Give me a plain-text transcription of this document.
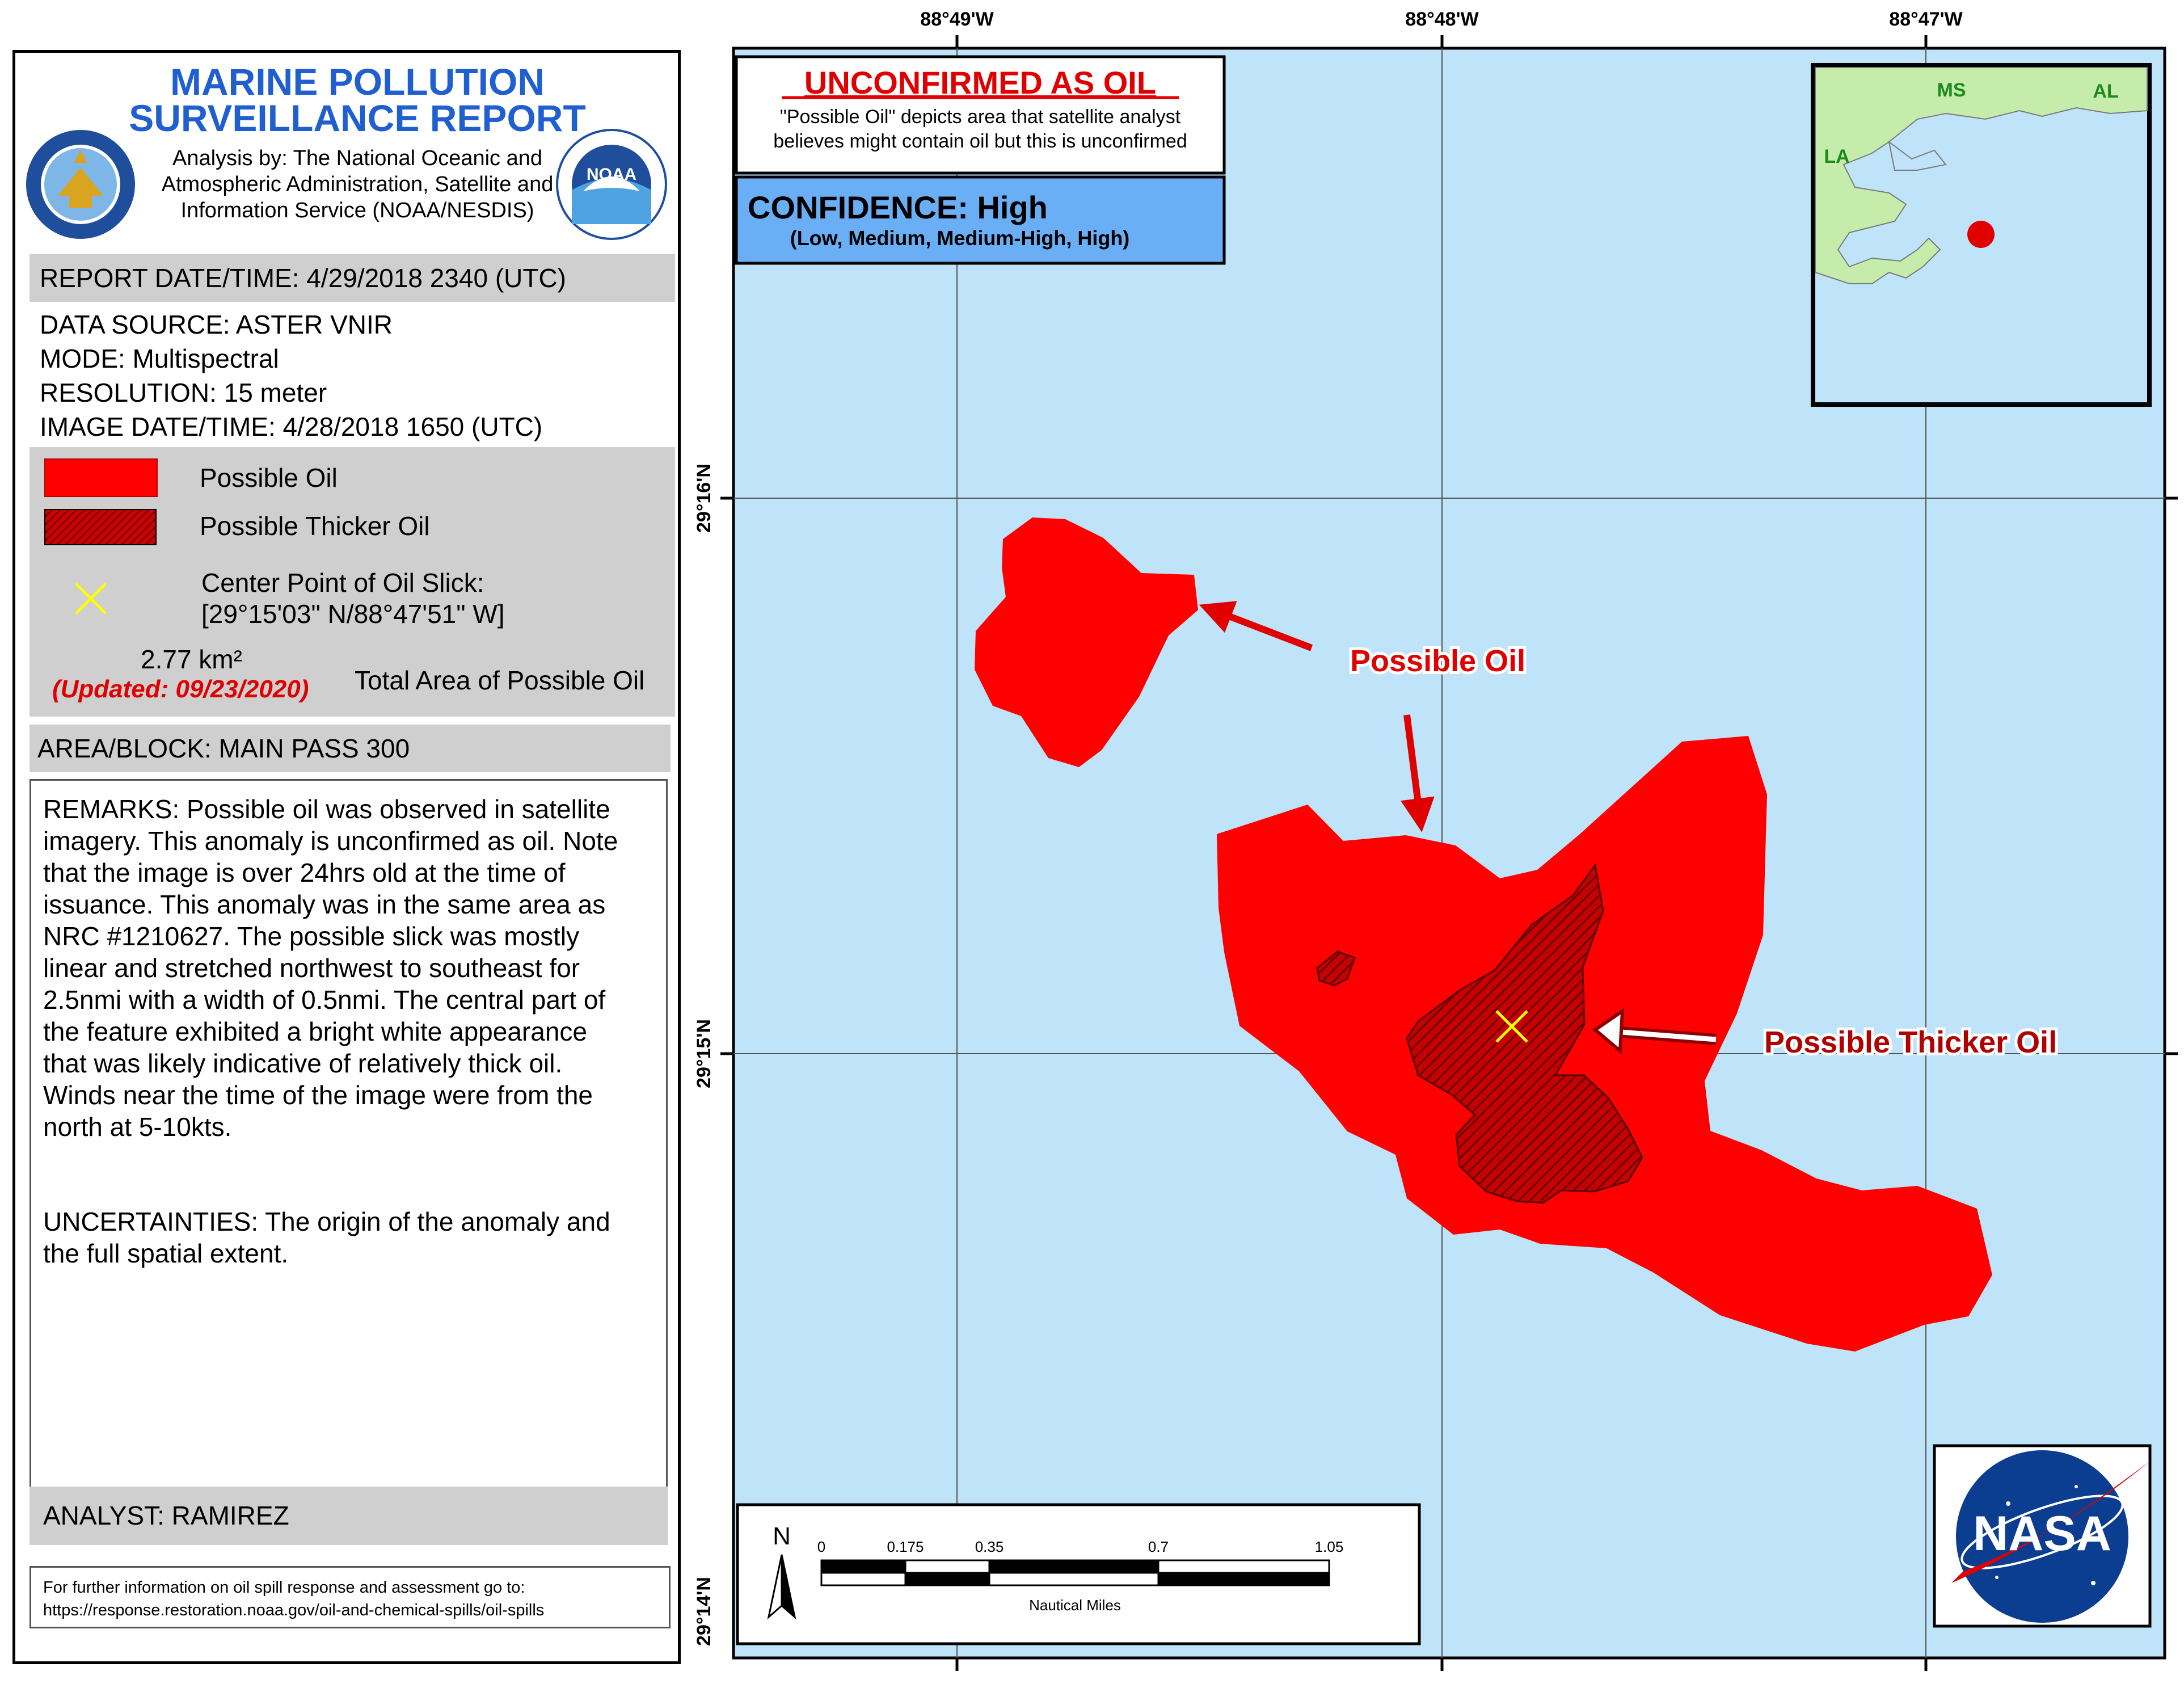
MARINE POLLUTION
SURVEILLANCE REPORT
Analysis by: The National Oceanic and
Atmospheric Administration, Satellite and
Information Service (NOAA/NESDIS)
NOAA
REPORT DATE/TIME: 4/29/2018 2340 (UTC)
DATA SOURCE: ASTER VNIR
MODE: Multispectral
RESOLUTION: 15 meter
IMAGE DATE/TIME: 4/28/2018 1650 (UTC)
Possible Oil
Possible Thicker Oil
Center Point of Oil Slick:
[29°15'03" N/88°47'51" W]
2.77 km²
(Updated: 09/23/2020) Total Area of Possible Oil
AREA/BLOCK: MAIN PASS 300
REMARKS: Possible oil was observed in satellite
imagery. This anomaly is unconfirmed as oil. Note
that the image is over 24hrs old at the time of
issuance. This anomaly was in the same area as
NRC #1210627. The possible slick was mostly
linear and stretched northwest to southeast for
2.5nmi with a width of 0.5nmi. The central part of
the feature exhibited a bright white appearance
that was likely indicative of relatively thick oil.
Winds near the time of the image were from the
north at 5-10kts.
UNCERTAINTIES: The origin of the anomaly and
the full spatial extent.
ANALYST: RAMIREZ
For further information on oil spill response and assessment go to:
https://response.restoration.noaa.gov/oil-and-chemical-spills/oil-spills
Possible Oil
Possible Thicker Oil
88°49'W	88°48'W	88°47'W
29°16'N
29°15'N
29°14'N
UNCONFIRMED AS OIL
"Possible Oil" depicts area that satellite analyst
believes might contain oil but this is unconfirmed
CONFIDENCE: High
(Low, Medium, Medium-High, High)
MS	AL
LA
N 0	0.175	0.35	0.7	1.05
Nautical Miles
NASA
